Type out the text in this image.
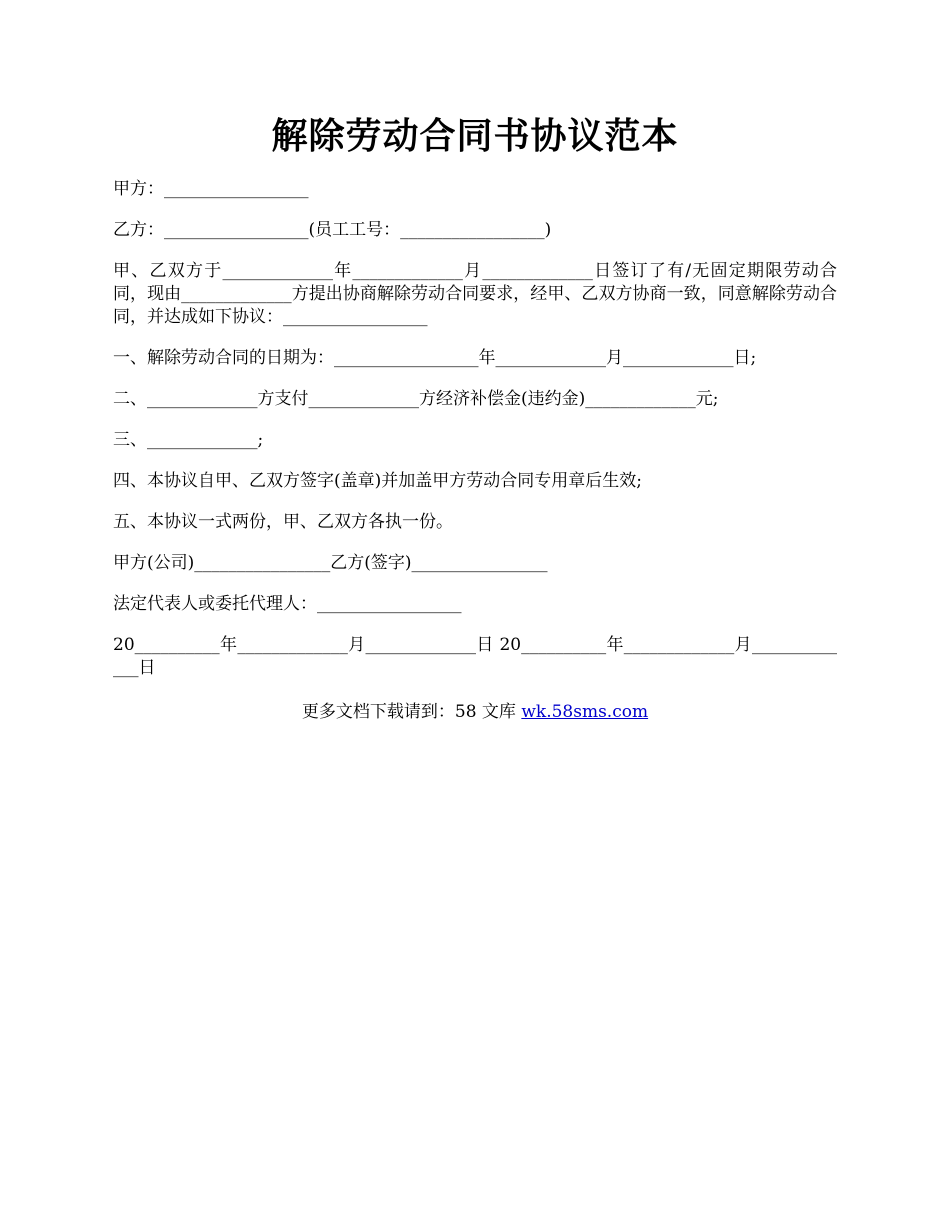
解除劳动合同书协议范本

甲方：_________________

乙方：_________________(员工工号：_________________)

甲、乙双方于_____________年_____________月_____________日签订了有/无固定期限劳动合同，现由_____________方提出协商解除劳动合同要求，经甲、乙双方协商一致，同意解除劳动合同，并达成如下协议：_________________

一、解除劳动合同的日期为：_________________年_____________月_____________日;

二、_____________方支付_____________方经济补偿金(违约金)_____________元;

三、_____________;

四、本协议自甲、乙双方签字(盖章)并加盖甲方劳动合同专用章后生效;

五、本协议一式两份，甲、乙双方各执一份。

甲方(公司)________________乙方(签字)________________

法定代表人或委托代理人：_________________

20__________年_____________月_____________日 20__________年_____________月_____________日

更多文档下载请到：58 文库 wk.58sms.com
